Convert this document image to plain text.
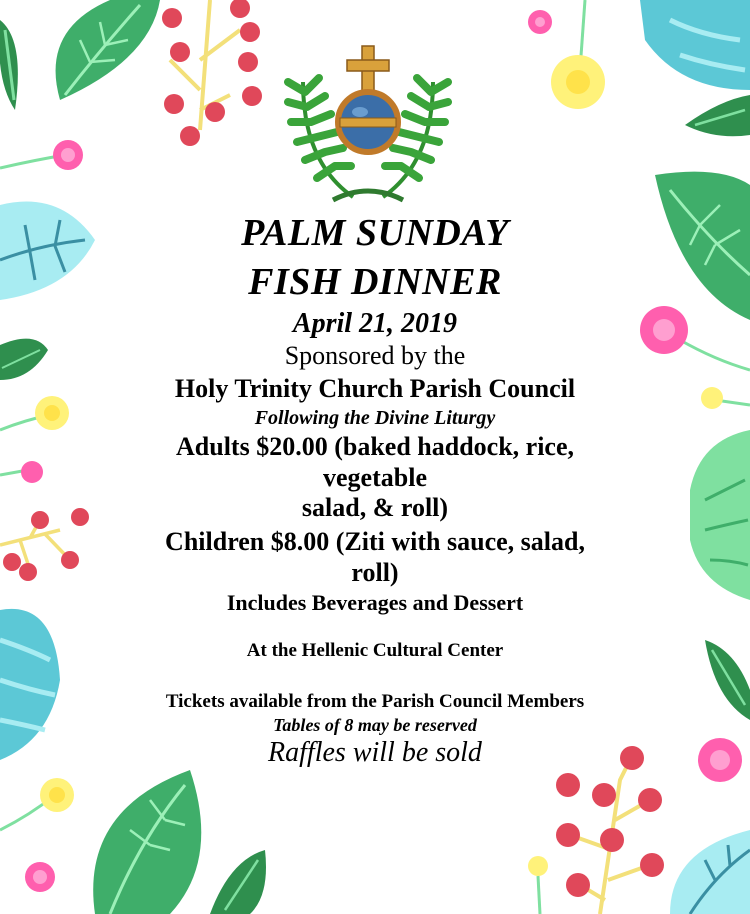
PALM SUNDAY
FISH DINNER
April 21, 2019
Sponsored by the
Holy Trinity Church Parish Council
Following the Divine Liturgy
Adults $20.00 (baked haddock, rice,
vegetable
salad, & roll)
Children $8.00 (Ziti with sauce, salad,
roll)
Includes Beverages and Dessert
At the Hellenic Cultural Center
Tickets available from the Parish Council Members
Tables of 8 may be reserved
Raffles will be sold
